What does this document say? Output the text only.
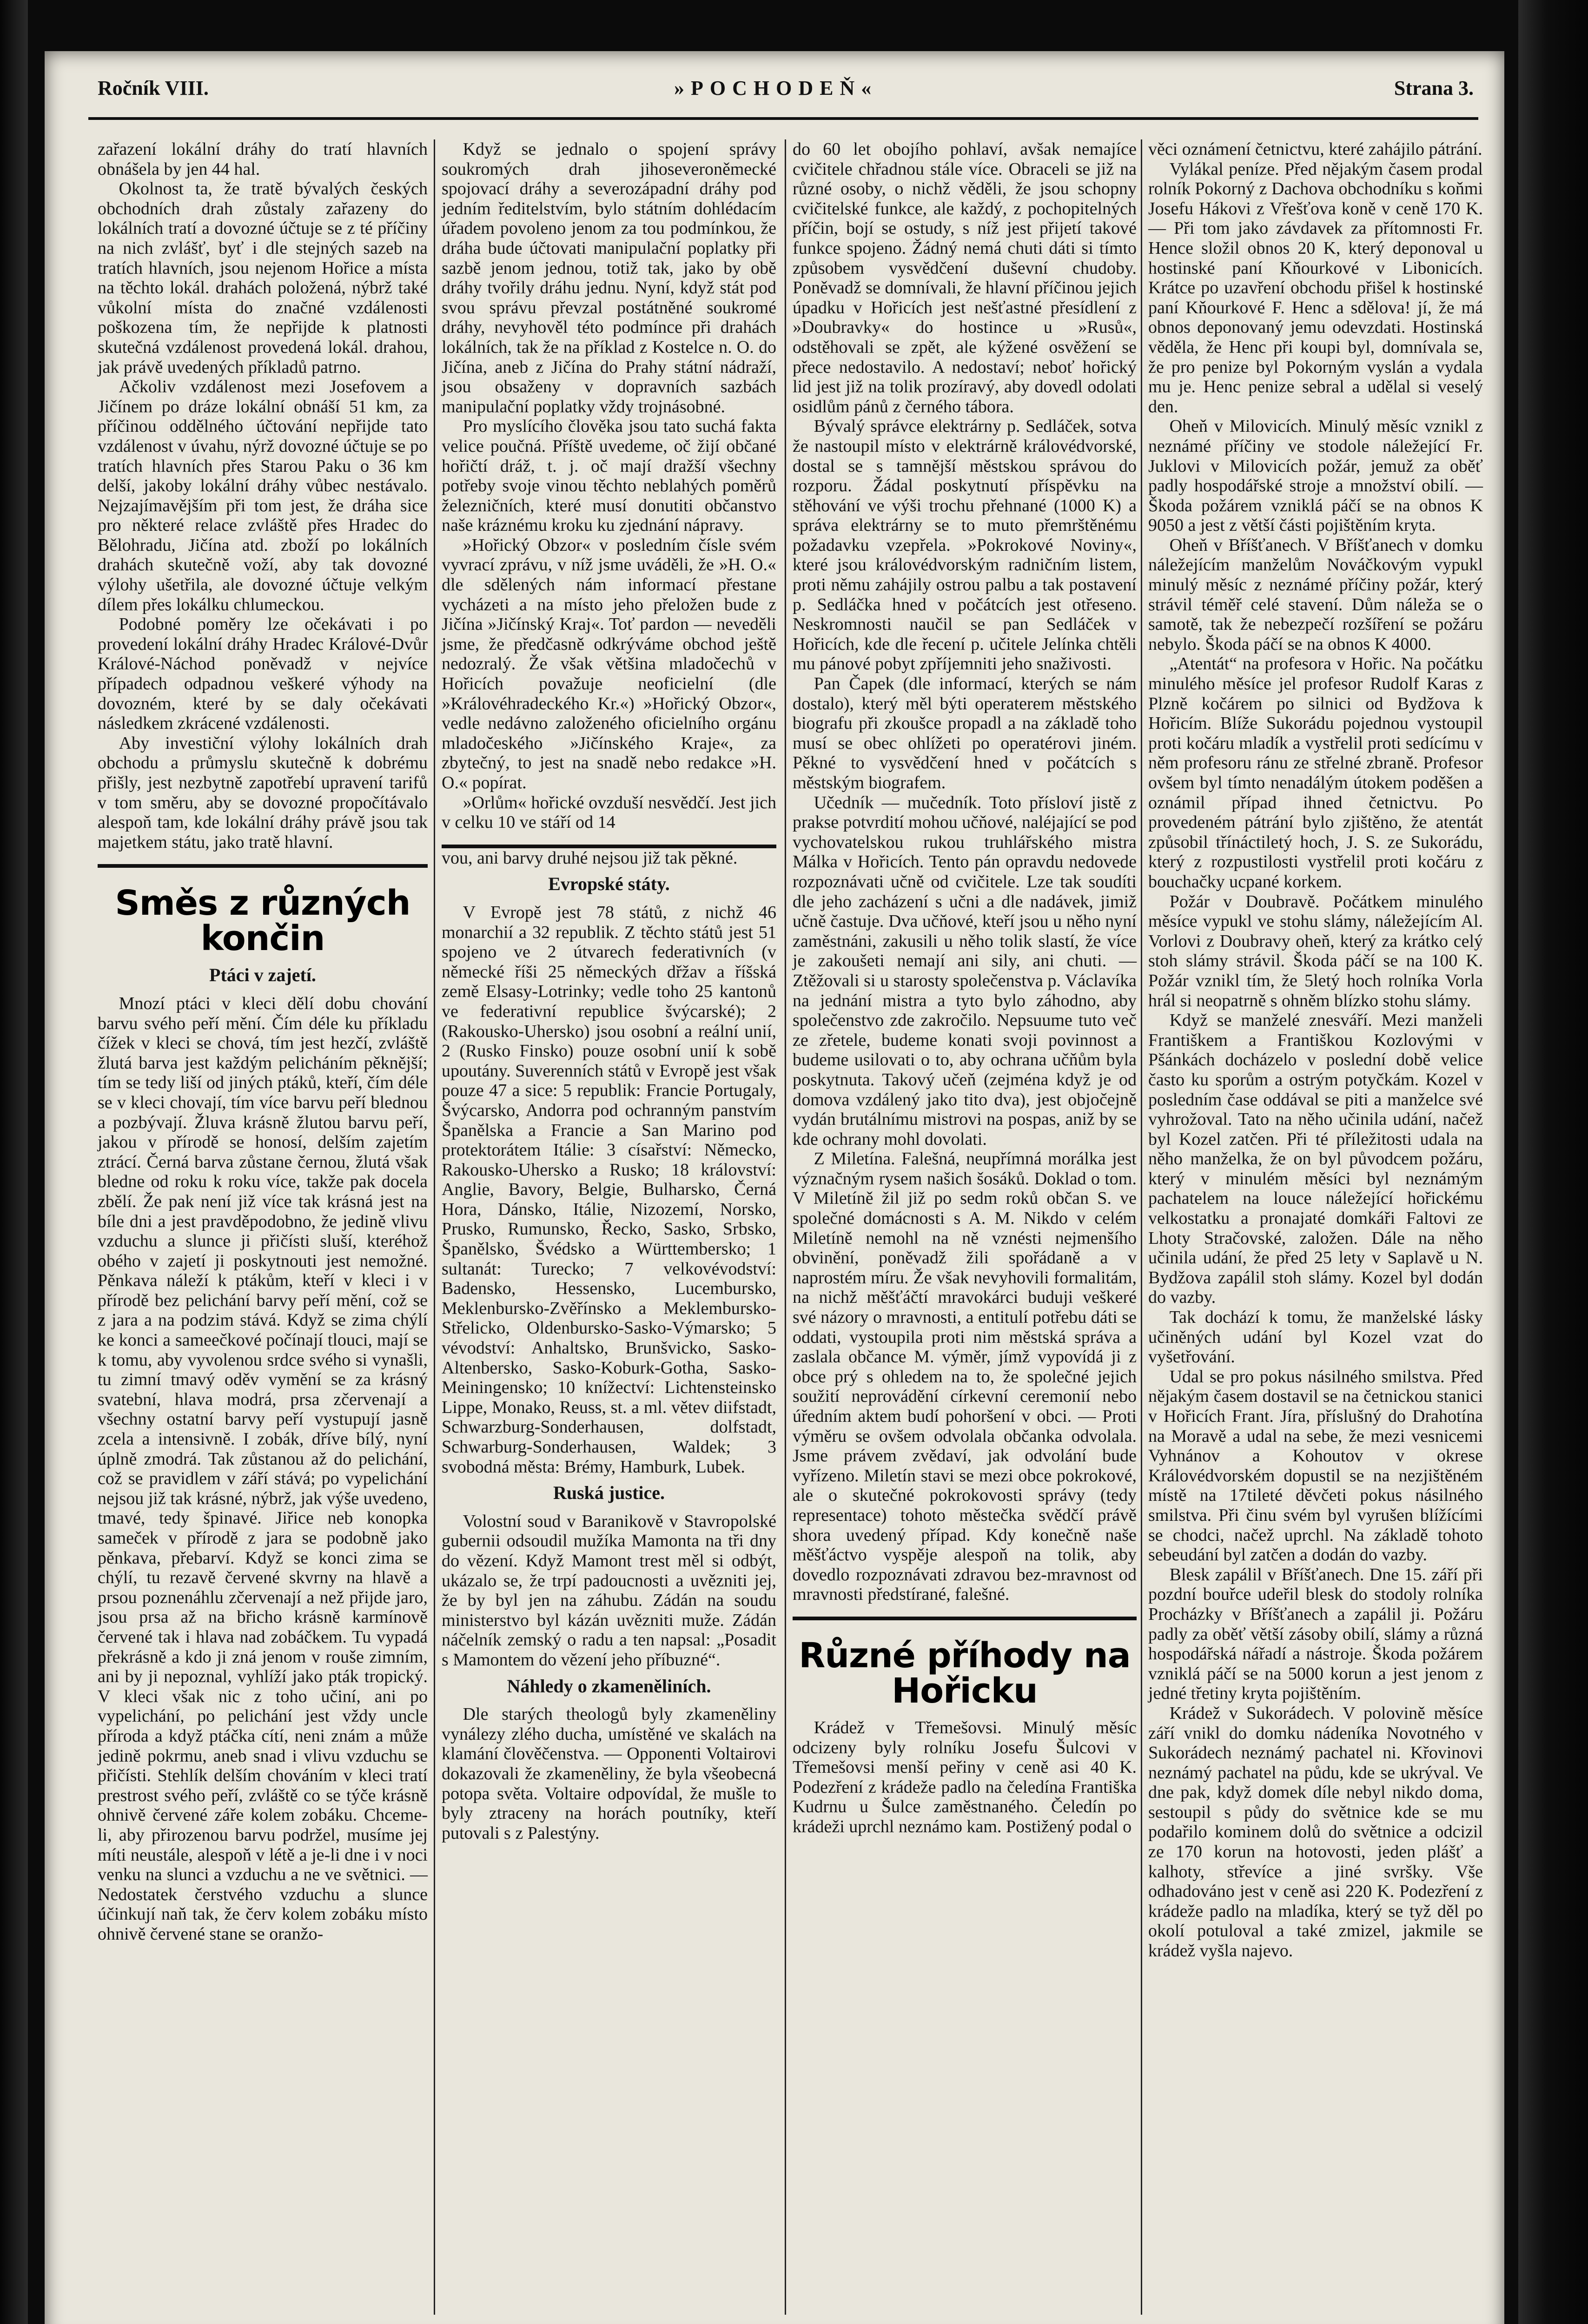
Ročník VIII.	»POCHODEŇ«	Strana 3.

zařazení lokální dráhy do tratí hlavních obnášela by jen 44 hal.

Okolnost ta, že tratě bývalých českých obchodních drah zůstaly zařazeny do lokálních tratí a dovozné účtuje se z té příčiny na nich zvlášť, byť i dle stejných sazeb na tratích hlavních, jsou nejenom Hořice a místa na těchto lokál. drahách položená, nýbrž také vůkolní místa do značné vzdálenosti poškozena tím, že nepřijde k platnosti skutečná vzdálenost provedená lokál. drahou, jak právě uvedených příkladů patrno.

Ačkoliv vzdálenost mezi Josefovem a Jičínem po dráze lokální obnáší 51 km, za příčinou oddělného účtování nepřijde tato vzdálenost v úvahu, nýrž dovozné účtuje se po tratích hlavních přes Starou Paku o 36 km delší, jakoby lokální dráhy vůbec nestávalo. Nejzajímavějším při tom jest, že dráha sice pro některé relace zvláště přes Hradec do Bělohradu, Jičína atd. zboží po lokálních drahách skutečně voží, aby tak dovozné výlohy ušetřila, ale dovozné účtuje velkým dílem přes lokálku chlumeckou.

Podobné poměry lze očekávati i po provedení lokální dráhy Hradec Králové-Dvůr Králové-Náchod poněvadž v nejvíce případech odpadnou veškeré výhody na dovozném, které by se daly očekávati následkem zkrácené vzdálenosti.

Aby investiční výlohy lokálních drah obchodu a průmyslu skutečně k dobrému přišly, jest nezbytně zapotřebí upravení tarifů v tom směru, aby se dovozné propočítávalo alespoň tam, kde lokální dráhy právě jsou tak majetkem státu, jako tratě hlavní.

Směs z různých končin
Ptáci v zajetí.

Mnozí ptáci v kleci dělí dobu chování barvu svého peří mění. Čím déle ku příkladu čížek v kleci se chová, tím jest hezčí, zvláště žlutá barva jest každým pelicháním pěknější; tím se tedy liší od jiných ptáků, kteří, čím déle se v kleci chovají, tím více barvu peří blednou a pozbývají. Žluva krásně žlutou barvu peří, jakou v přírodě se honosí, delším zajetím ztrácí. Černá barva zůstane černou, žlutá však bledne od roku k roku více, takže pak docela zbělí. Že pak není již více tak krásná jest na bíle dni a jest pravděpodobno, že jedině vlivu vzduchu a slunce ji přičísti sluší, kteréhož obého v zajetí ji poskytnouti jest nemožné. Pěnkava náleží k ptákům, kteří v kleci i v přírodě bez pelichání barvy peří mění, což se z jara a na podzim stává. Když se zima chýlí ke konci a sameečkové počínají tlouci, mají se k tomu, aby vyvolenou srdce svého si vynašli, tu zimní tmavý oděv vymění se za krásný svatební, hlava modrá, prsa zčervenají a všechny ostatní barvy peří vystupují jasně zcela a intensivně. I zobák, dříve bílý, nyní úplně zmodrá. Tak zůstanou až do pelichání, což se pravidlem v září stává; po vypelichání nejsou již tak krásné, nýbrž, jak výše uvedeno, tmavé, tedy špinavé. Jiřice neb konopka sameček v přírodě z jara se podobně jako pěnkava, přebarví. Když se konci zima se chýlí, tu rezavě červené skvrny na hlavě a prsou poznenáhlu zčervenají a než přijde jaro, jsou prsa až na břicho krásně karmínově červené tak i hlava nad zobáčkem. Tu vypadá překrásně a kdo ji zná jenom v rouše zimním, ani by ji nepoznal, vyhlíží jako pták tropický. V kleci však nic z toho učiní, ani po vypelichání, po pelichání jest vždy uncle příroda a když ptáčka cítí, neni znám a může jedině pokrmu, aneb snad i vlivu vzduchu se přičísti. Stehlík delším chováním v kleci tratí prestrost svého peří, zvláště co se týče krásně ohnivě červené záře kolem zobáku. Chceme-li, aby přirozenou barvu podržel, musíme jej míti neustále, alespoň v létě a je-li dne i v noci venku na slunci a vzduchu a ne ve světnici. — Nedostatek čerstvého vzduchu a slunce účinkují naň tak, že červ kolem zobáku místo ohnivě červené stane se oranžo-

Když se jednalo o spojení správy soukromých drah jihoseveroněmecké spojovací dráhy a severozápadní dráhy pod jedním ředitelstvím, bylo státním dohlédacím úřadem povoleno jenom za tou podmínkou, že dráha bude účtovati manipulační poplatky při sazbě jenom jednou, totiž tak, jako by obě dráhy tvořily dráhu jednu. Nyní, když stát pod svou správu převzal postátněné soukromé dráhy, nevyhověl této podmínce při drahách lokálních, tak že na příklad z Kostelce n. O. do Jičína, aneb z Jičína do Prahy státní nádraží, jsou obsaženy v dopravních sazbách manipulační poplatky vždy trojnásobné.

Pro myslícího člověka jsou tato suchá fakta velice poučná. Příště uvedeme, oč žijí občané hořičtí dráž, t. j. oč mají dražší všechny potřeby svoje vinou těchto neblahých poměrů železničních, které musí donutiti občanstvo naše kráznému kroku ku zjednání nápravy.

»Hořický Obzor« v posledním čísle svém vyvrací zprávu, v níž jsme uváděli, že »H. O.« dle sdělených nám informací přestane vycházeti a na místo jeho přeložen bude z Jičína »Jičínský Kraj«. Toť pardon — neveděli jsme, že předčasně odkrýváme obchod ještě nedozralý. Že však většina mladočechů v Hořicích považuje neoficielní (dle »Královéhradeckého Kr.«) »Hořický Obzor«, vedle nedávno založeného oficielního orgánu mladočeského »Jičínského Kraje«, za zbytečný, to jest na snadě nebo redakce »H. O.« popírat.

»Orlům« hořické ovzduší nesvědčí. Jest jich v celku 10 ve stáří od 14

vou, ani barvy druhé nejsou již tak pěkné.

Evropské státy.

V Evropě jest 78 států, z nichž 46 monarchií a 32 republik. Z těchto států jest 51 spojeno ve 2 útvarech federativních (v německé říši 25 německých dřžav a říšská země Elsasy-Lotrinky; vedle toho 25 kantonů ve federativní republice švýcarské); 2 (Rakousko-Uhersko) jsou osobní a reální unií, 2 (Rusko Finsko) pouze osobní unií k sobě upoutány. Suverenních států v Evropě jest však pouze 47 a sice: 5 republik: Francie Portugaly, Švýcarsko, Andorra pod ochranným panstvím Španělska a Francie a San Marino pod protektorátem Itálie: 3 císařství: Německo, Rakousko-Uhersko a Rusko; 18 království: Anglie, Bavory, Belgie, Bulharsko, Černá Hora, Dánsko, Itálie, Nizozemí, Norsko, Prusko, Rumunsko, Řecko, Sasko, Srbsko, Španělsko, Švédsko a Württembersko; 1 sultanát: Turecko; 7 velkovévodství: Badensko, Hessensko, Lucembursko, Meklenbursko-Zvěřínsko a Meklembursko-Střelicko, Oldenbursko-Sasko-Výmarsko; 5 vévodství: Anhaltsko, Brunšvicko, Sasko-Altenbersko, Sasko-Koburk-Gotha, Sasko-Meiningensko; 10 knížectví: Lichtensteinsko Lippe, Monako, Reuss, st. a ml. větev diifstadt, Schwarzburg-Sonderhausen, dolfstadt, Schwarburg-Sonderhausen, Waldek; 3 svobodná města: Brémy, Hamburk, Lubek.

Ruská justice.

Volostní soud v Baranikově v Stavropolské gubernii odsoudil mužíka Mamonta na tři dny do vězení. Když Mamont trest měl si odbýt, ukázalo se, že trpí padoucnosti a uvězniti jej, že by byl jen na záhubu. Zádán na soudu ministerstvo byl kázán uvězniti muže. Zádán náčelník zemský o radu a ten napsal: „Posadit s Mamontem do vězení jeho příbuzné“.

Náhledy o zkameněliních.

Dle starých theologů byly zkameněliny vynálezy zlého ducha, umístěné ve skalách na klamání člověčenstva. — Opponenti Voltairovi dokazovali že zkameněliny, že byla všeobecná potopa světa. Voltaire odpovídal, že mušle to byly ztraceny na horách poutníky, kteří putovali s z Palestýny.

do 60 let obojího pohlaví, avšak nemajíce cvičitele chřadnou stále více. Obraceli se již na různé osoby, o nichž věděli, že jsou schopny cvičitelské funkce, ale každý, z pochopitelných příčin, bojí se ostudy, s níž jest přijetí takové funkce spojeno. Žádný nemá chuti dáti si tímto způsobem vysvědčení duševní chudoby. Poněvadž se domnívali, že hlavní příčinou jejich úpadku v Hořicích jest nešťastné přesídlení z »Doubravky« do hostince u »Rusů«, odstěhovali se zpět, ale kýžené osvěžení se přece nedostavilo. A nedostaví; neboť hořický lid jest již na tolik prozíravý, aby dovedl odolati osidlům pánů z černého tábora.

Bývalý správce elektrárny p. Sedláček, sotva že nastoupil místo v elektrárně královédvorské, dostal se s tamnější městskou správou do rozporu. Žádal poskytnutí příspěvku na stěhování ve výši trochu přehnané (1000 K) a správa elektrárny se to muto přemrštěnému požadavku vzepřela. »Pokrokové Noviny«, které jsou královédvorským radničním listem, proti němu zahájily ostrou palbu a tak postavení p. Sedláčka hned v počátcích jest otřeseno. Neskromnosti naučil se pan Sedláček v Hořicích, kde dle řecení p. učitele Jelínka chtěli mu pánové pobyt zpříjemniti jeho snaživosti.

Pan Čapek (dle informací, kterých se nám dostalo), který měl býti operaterem městského biografu při zkoušce propadl a na základě toho musí se obec ohlížeti po operatérovi jiném. Pěkné to vysvědčení hned v počátcích s městským biografem.

Učedník — mučedník. Toto přísloví jistě z prakse potvrdití mohou učňové, naléjající se pod vychovatelskou rukou truhlářského mistra Málka v Hořicích. Tento pán opravdu nedovede rozpoznávati učně od cvičitele. Lze tak soudíti dle jeho zacházení s učni a dle nadávek, jimiž učně častuje. Dva učňové, kteří jsou u něho nyní zaměstnáni, zakusili u něho tolik slastí, že více je zakoušeti nemají ani sily, ani chuti. — Ztěžovali si u starosty společenstva p. Václavíka na jednání mistra a tyto bylo záhodno, aby společenstvo zde zakročilo. Nepsuume tuto več ze zřetele, budeme konati svoji povinnost a budeme usilovati o to, aby ochrana učňům byla poskytnuta. Takový učeň (zejména když je od domova vzdálený jako tito dva), jest objočejně vydán brutálnímu mistrovi na pospas, aniž by se kde ochrany mohl dovolati.

Z Miletína. Falešná, neupřímná morálka jest význačným rysem našich šosáků. Doklad o tom. V Miletíně žil již po sedm roků občan S. ve společné domácnosti s A. M. Nikdo v celém Miletíně nemohl na ně vznésti nejmenšího obvinění, poněvadž žili spořádaně a v naprostém míru. Že však nevyhovili formalitám, na nichž měšťáčtí mravokárci buduji veškeré své názory o mravnosti, a entitulí potřebu dáti se oddati, vystoupila proti nim městská správa a zaslala občance M. výměr, jímž vypovídá ji z obce prý s ohledem na to, že společné jejich soužití neprovádění církevní ceremonií nebo úředním aktem budí pohoršení v obci. — Proti výměru se ovšem odvolala občanka odvolala. Jsme právem zvědaví, jak odvolání bude vyřízeno. Miletín stavi se mezi obce pokrokové, ale o skutečné pokrokovosti správy (tedy representace) tohoto městečka svědčí právě shora uvedený případ. Kdy konečně naše měšťáctvo vyspěje alespoň na tolik, aby dovedlo rozpoznávati zdravou bez-mravnost od mravnosti předstírané, falešné.

Různé příhody na Hořicku

Krádež v Třemešovsi. Minulý měsíc odcizeny byly rolníku Josefu Šulcovi v Třemešovsi menší peřiny v ceně asi 40 K. Podezření z krádeže padlo na čeledína Františka Kudrnu u Šulce zaměstnaného. Čeledín po krádeži uprchl neznámo kam. Postižený podal o

věci oznámení četnictvu, které zahájilo pátrání.

Vylákal peníze. Před nějakým časem prodal rolník Pokorný z Dachova obchodníku s koňmi Josefu Hákovi z Vřešťova koně v ceně 170 K. — Při tom jako závdavek za přítomnosti Fr. Hence složil obnos 20 K, který deponoval u hostinské paní Kňourkové v Libonicích. Krátce po uzavření obchodu přišel k hostinské paní Kňourkové F. Henc a sdělova! jí, že má obnos deponovaný jemu odevzdati. Hostinská věděla, že Henc při koupi byl, domnívala se, že pro penize byl Pokorným vyslán a vydala mu je. Henc penize sebral a udělal si veselý den.

Oheň v Milovicích. Minulý měsíc vznikl z neznámé příčiny ve stodole náležející Fr. Juklovi v Milovicích požár, jemuž za oběť padly hospodářské stroje a množství obilí. — Škoda požárem vzniklá páčí se na obnos K 9050 a jest z větší části pojištěním kryta.

Oheň v Bříšťanech. V Bříšťanech v domku náležejícím manželům Nováčkovým vypukl minulý měsíc z neznámé příčiny požár, který strávil téměř celé stavení. Dům náleža se o samotě, tak že nebezpečí rozšíření se požáru nebylo. Škoda páčí se na obnos K 4000.

„Atentát“ na profesora v Hořic. Na počátku minulého měsíce jel profesor Rudolf Karas z Plzně kočárem po silnici od Bydžova k Hořicím. Blíže Sukorádu pojednou vystoupil proti kočáru mladík a vystřelil proti sedícímu v něm profesoru ránu ze střelné zbraně. Profesor ovšem byl tímto nenadálým útokem poděšen a oznámil případ ihned četnictvu. Po provedeném pátrání bylo zjištěno, že atentát způsobil třínáctiletý hoch, J. S. ze Sukorádu, který z rozpustilosti vystřelil proti kočáru z bouchačky ucpané korkem.

Požár v Doubravě. Počátkem minulého měsíce vypukl ve stohu slámy, náležejícím Al. Vorlovi z Doubravy oheň, který za krátko celý stoh slámy strávil. Škoda páčí se na 100 K. Požár vznikl tím, že 5letý hoch rolníka Vorla hrál si neopatrně s ohněm blízko stohu slámy.

Když se manželé znesváří. Mezi manželi Františkem a Františkou Kozlovými v Pšánkách docházelo v poslední době velice často ku sporům a ostrým potyčkám. Kozel v posledním čase oddával se piti a manželce své vyhrožoval. Tato na něho učinila udání, načež byl Kozel zatčen. Při té příležitosti udala na něho manželka, že on byl původcem požáru, který v minulém měsíci byl neznámým pachatelem na louce náležející hořickému velkostatku a pronajaté domkáři Faltovi ze Lhoty Stračovské, založen. Dále na něho učinila udání, že před 25 lety v Saplavě u N. Bydžova zapálil stoh slámy. Kozel byl dodán do vazby.

Tak dochází k tomu, že manželské lásky učiněných udání byl Kozel vzat do vyšetřování.

Udal se pro pokus násilného smilstva. Před nějakým časem dostavil se na četnickou stanici v Hořicích Frant. Jíra, příslušný do Drahotína na Moravě a udal na sebe, že mezi vesnicemi Vyhnánov a Kohoutov v okrese Královédvorském dopustil se na nezjištěném místě na 17tileté děvčeti pokus násilného smilstva. Při činu svém byl vyrušen blížícími se chodci, načež uprchl. Na základě tohoto sebeudání byl zatčen a dodán do vazby.

Blesk zapálil v Bříšťanech. Dne 15. září při pozdní bouřce udeřil blesk do stodoly rolníka Procházky v Bříšťanech a zapálil ji. Požáru padly za oběť větší zásoby obilí, slámy a různá hospodářská nářadí a nástroje. Škoda požárem vzniklá páčí se na 5000 korun a jest jenom z jedné třetiny kryta pojištěním.

Krádež v Sukorádech. V polovině měsíce září vnikl do domku nádeníka Novotného v Sukorádech neznámý pachatel ni. Křovinovi neznámý pachatel na půdu, kde se ukrýval. Ve dne pak, když domek díle nebyl nikdo doma, sestoupil s půdy do světnice kde se mu podařilo kominem dolů do světnice a odcizil ze 170 korun na hotovosti, jeden plášť a kalhoty, střevíce a jiné svršky. Vše odhadováno jest v ceně asi 220 K. Podezření z krádeže padlo na mladíka, který se tyž děl po okolí potuloval a také zmizel, jakmile se krádež vyšla najevo.
